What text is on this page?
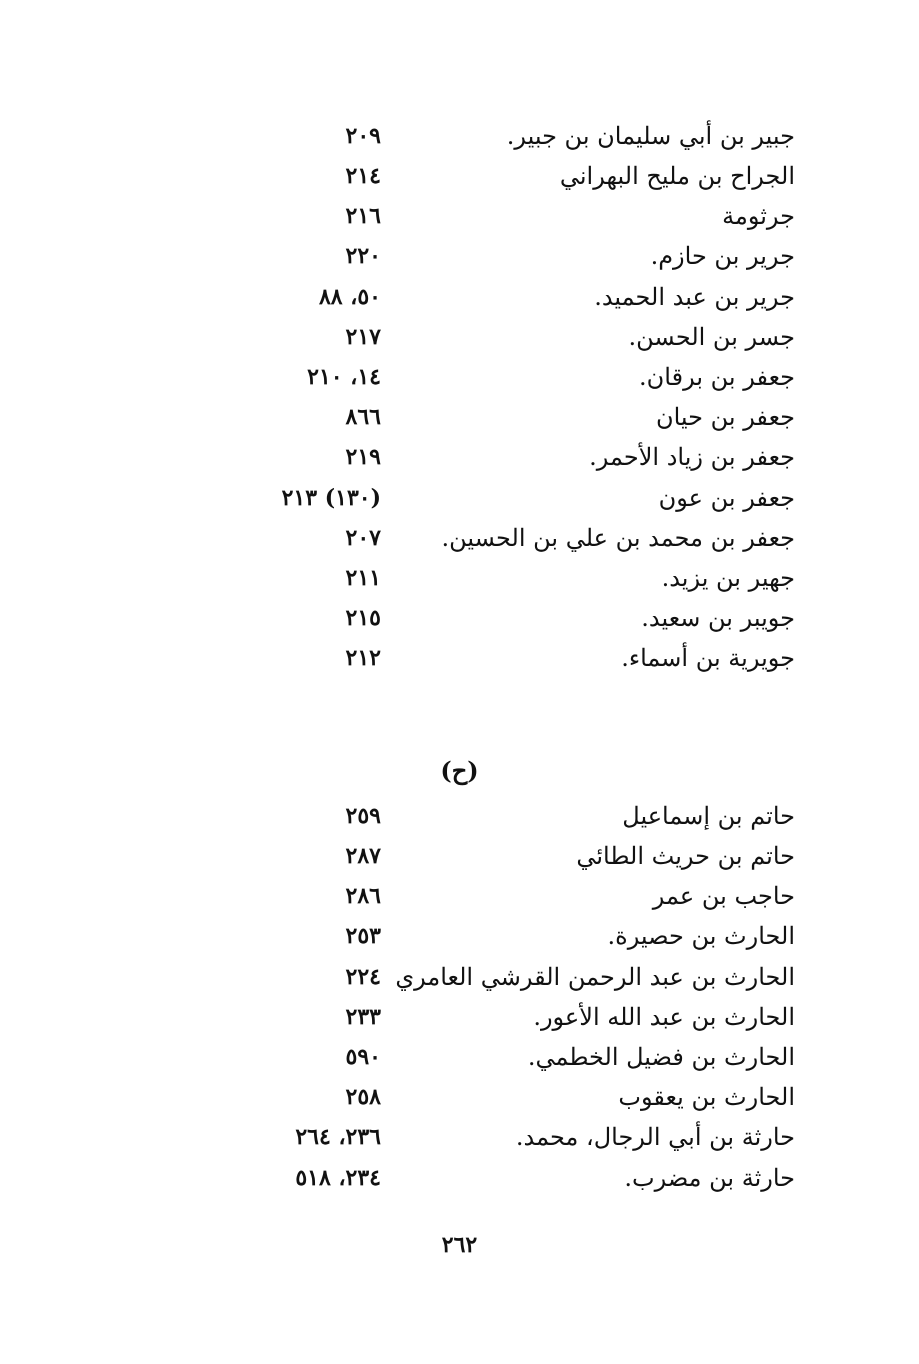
جبير بن أبي سليمان بن جبير.
٢٠٩
الجراح بن مليح البهراني
٢١٤
جرثومة
٢١٦
جرير بن حازم.
٢٢٠
جرير بن عبد الحميد.
٥٠، ٨٨
جسر بن الحسن.
٢١٧
جعفر بن برقان.
١٤، ٢١٠
جعفر بن حيان
٨٦٦
جعفر بن زياد الأحمر.
٢١٩
جعفر بن عون
(١٣٠) ٢١٣
جعفر بن محمد بن علي بن الحسين.
٢٠٧
جهير بن يزيد.
٢١١
جويبر بن سعيد.
٢١٥
جويرية بن أسماء.
٢١٢
(ح)
حاتم بن إسماعيل
٢٥٩
حاتم بن حريث الطائي
٢٨٧
حاجب بن عمر
٢٨٦
الحارث بن حصيرة.
٢٥٣
الحارث بن عبد الرحمن القرشي العامري
٢٢٤
الحارث بن عبد الله الأعور.
٢٣٣
الحارث بن فضيل الخطمي.
٥٩٠
الحارث بن يعقوب
٢٥٨
حارثة بن أبي الرجال، محمد.
٢٣٦، ٢٦٤
حارثة بن مضرب.
٢٣٤، ٥١٨
٢٦٢
